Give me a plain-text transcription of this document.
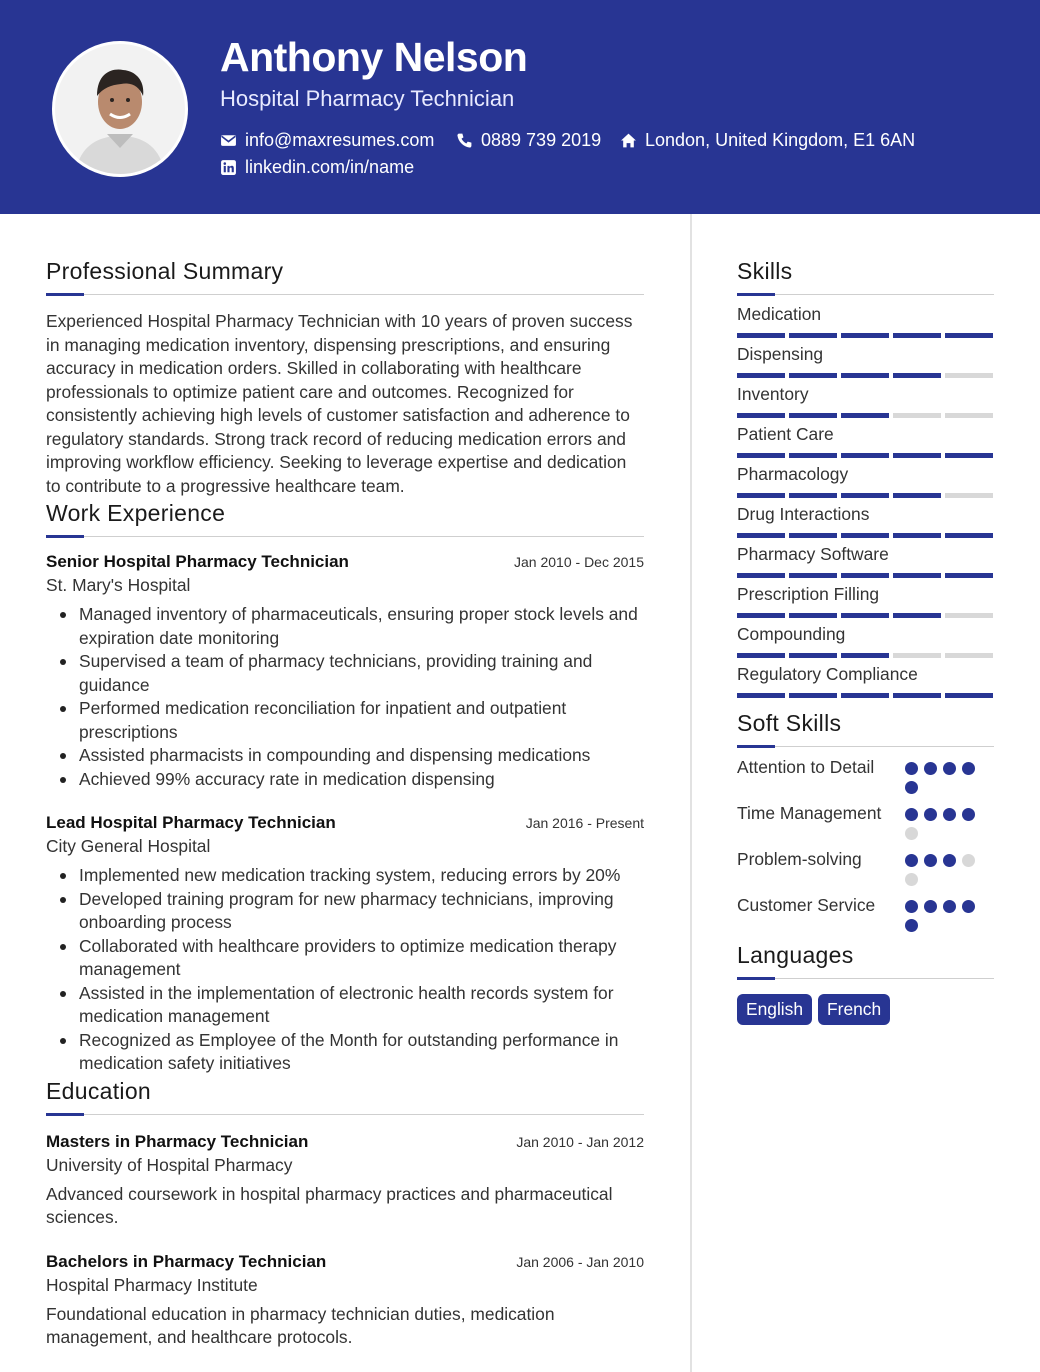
Anthony Nelson
Hospital Pharmacy Technician
info@maxresumes.com	0889 739 2019 London, United Kingdom, E1 6AN
linkedin.com/in/name
Professional Summary
Experienced Hospital Pharmacy Technician with 10 years of proven success in managing medication inventory, dispensing prescriptions, and ensuring accuracy in medication orders. Skilled in collaborating with healthcare professionals to optimize patient care and outcomes. Recognized for consistently achieving high levels of customer satisfaction and adherence to regulatory standards. Strong track record of reducing medication errors and improving workflow efficiency. Seeking to leverage expertise and dedication to contribute to a progressive healthcare team.
Work Experience
Senior Hospital Pharmacy Technician	Jan 2010 - Dec 2015
St. Mary's Hospital
Managed inventory of pharmaceuticals, ensuring proper stock levels and expiration date monitoring
Supervised a team of pharmacy technicians, providing training and guidance
Performed medication reconciliation for inpatient and outpatient prescriptions
Assisted pharmacists in compounding and dispensing medications
Achieved 99% accuracy rate in medication dispensing
Lead Hospital Pharmacy Technician	Jan 2016 - Present
City General Hospital
Implemented new medication tracking system, reducing errors by 20%
Developed training program for new pharmacy technicians, improving onboarding process
Collaborated with healthcare providers to optimize medication therapy management
Assisted in the implementation of electronic health records system for medication management
Recognized as Employee of the Month for outstanding performance in medication safety initiatives
Education
Masters in Pharmacy Technician	Jan 2010 - Jan 2012
University of Hospital Pharmacy
Advanced coursework in hospital pharmacy practices and pharmaceutical sciences.
Bachelors in Pharmacy Technician	Jan 2006 - Jan 2010
Hospital Pharmacy Institute
Foundational education in pharmacy technician duties, medication management, and healthcare protocols.
Skills
Medication
Dispensing
Inventory
Patient Care
Pharmacology
Drug Interactions
Pharmacy Software
Prescription Filling
Compounding
Regulatory Compliance
Soft Skills
Attention to Detail
Time Management
Problem-solving
Customer Service
Languages
English	French
